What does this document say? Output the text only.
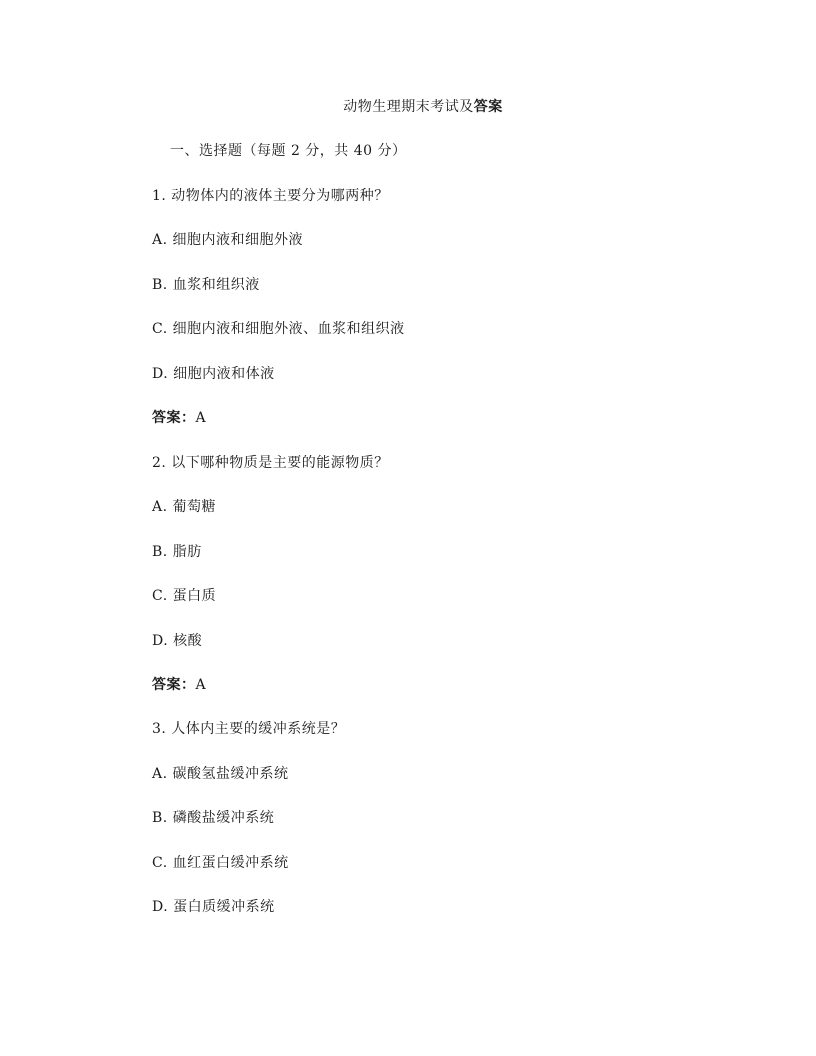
动物生理期末考试及答案
一、选择题（每题 2 分，共 40 分）
1. 动物体内的液体主要分为哪两种？
A. 细胞内液和细胞外液
B. 血浆和组织液
C. 细胞内液和细胞外液、血浆和组织液
D. 细胞内液和体液
答案：A
2. 以下哪种物质是主要的能源物质？
A. 葡萄糖
B. 脂肪
C. 蛋白质
D. 核酸
答案：A
3. 人体内主要的缓冲系统是？
A. 碳酸氢盐缓冲系统
B. 磷酸盐缓冲系统
C. 血红蛋白缓冲系统
D. 蛋白质缓冲系统
